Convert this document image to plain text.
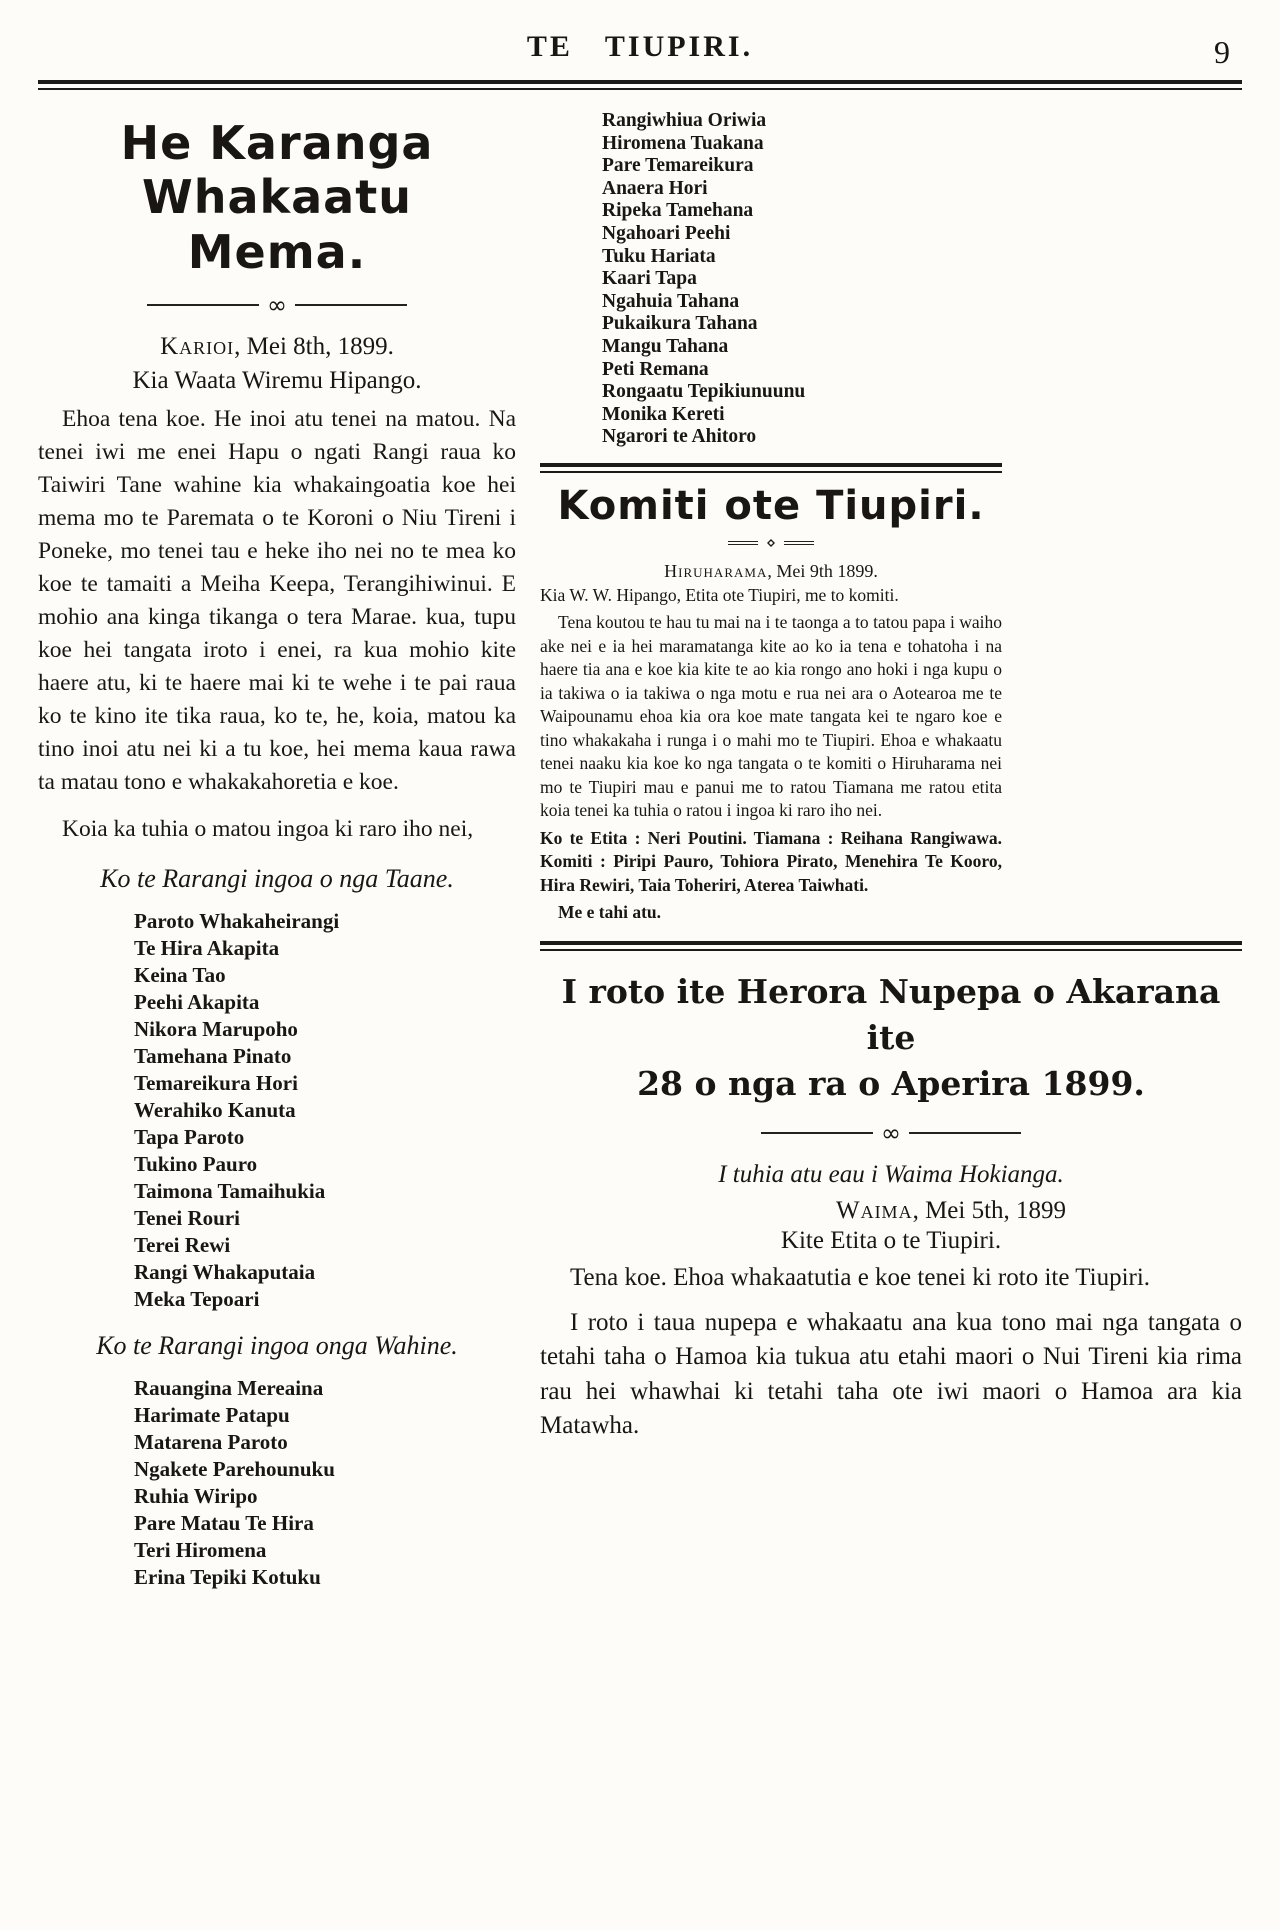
TE TIUPIRI.	9
He Karanga Whakaatu
Mema.
∞

Karioi, Mei 8th, 1899.

Kia Waata Wiremu Hipango.

Ehoa tena koe. He inoi atu tenei na matou. Na tenei iwi me enei Hapu o ngati Rangi raua ko Taiwiri Tane wahine kia whakaingoatia koe hei mema mo te Paremata o te Koroni o Niu Tireni i Poneke, mo tenei tau e heke iho nei no te mea ko koe te tamaiti a Meiha Keepa, Terangihiwinui. E mohio ana kinga tikanga o tera Marae. kua, tupu koe hei tangata iroto i enei, ra kua mohio kite haere atu, ki te haere mai ki te wehe i te pai raua ko te kino ite tika raua, ko te, he, koia, matou ka tino inoi atu nei ki a tu koe, hei mema kaua rawa ta matau tono e whakakahoretia e koe.

Koia ka tuhia o matou ingoa ki raro iho nei,

Ko te Rarangi ingoa o nga Taane.
Paroto Whakaheirangi
Te Hira Akapita
Keina Tao
Peehi Akapita
Nikora Marupoho
Tamehana Pinato
Temareikura Hori
Werahiko Kanuta
Tapa Paroto
Tukino Pauro
Taimona Tamaihukia
Tenei Rouri
Terei Rewi
Rangi Whakaputaia
Meka Tepoari
Ko te Rarangi ingoa onga Wahine.
Rauangina Mereaina
Harimate Patapu
Matarena Paroto
Ngakete Parehounuku
Ruhia Wiripo
Pare Matau Te Hira
Teri Hiromena
Erina Tepiki Kotuku
Rangiwhiua Oriwia
Hiromena Tuakana
Pare Temareikura
Anaera Hori
Ripeka Tamehana
Ngahoari Peehi
Tuku Hariata
Kaari Tapa
Ngahuia Tahana
Pukaikura Tahana
Mangu Tahana
Peti Remana
Rongaatu Tepikiunuunu
Monika Kereti
Ngarori te Ahitoro
Komiti ote Tiupiri.
⋄

Hiruharama, Mei 9th 1899.

Kia W. W. Hipango, Etita ote Tiupiri, me to komiti.

Tena koutou te hau tu mai na i te taonga a to tatou papa i waiho ake nei e ia hei maramatanga kite ao ko ia tena e tohatoha i na haere tia ana e koe kia kite te ao kia rongo ano hoki i nga kupu o ia takiwa o ia takiwa o nga motu e rua nei ara o Aotearoa me te Waipounamu ehoa kia ora koe mate tangata kei te ngaro koe e tino whakakaha i runga i o mahi mo te Tiupiri. Ehoa e whakaatu tenei naaku kia koe ko nga tangata o te komiti o Hiruharama nei mo te Tiupiri mau e panui me to ratou Tiamana me ratou etita koia tenei ka tuhia o ratou i ingoa ki raro iho nei.

Ko te Etita : Neri Poutini. Tiamana : Reihana Rangiwawa. Komiti : Piripi Pauro, Tohiora Pirato, Menehira Te Kooro, Hira Rewiri, Taia Toheriri, Aterea Taiwhati.

Me e tahi atu.

I roto ite Herora Nupepa o Akarana ite
28 o nga ra o Aperira 1899.
∞

I tuhia atu eau i Waima Hokianga.

Waima, Mei 5th, 1899

Kite Etita o te Tiupiri.

Tena koe. Ehoa whakaatutia e koe tenei ki roto ite Tiupiri.

I roto i taua nupepa e whakaatu ana kua tono mai nga tangata o tetahi taha o Hamoa kia tukua atu etahi maori o Nui Tireni kia rima rau hei whawhai ki tetahi taha ote iwi maori o Hamoa ara kia Matawha.
